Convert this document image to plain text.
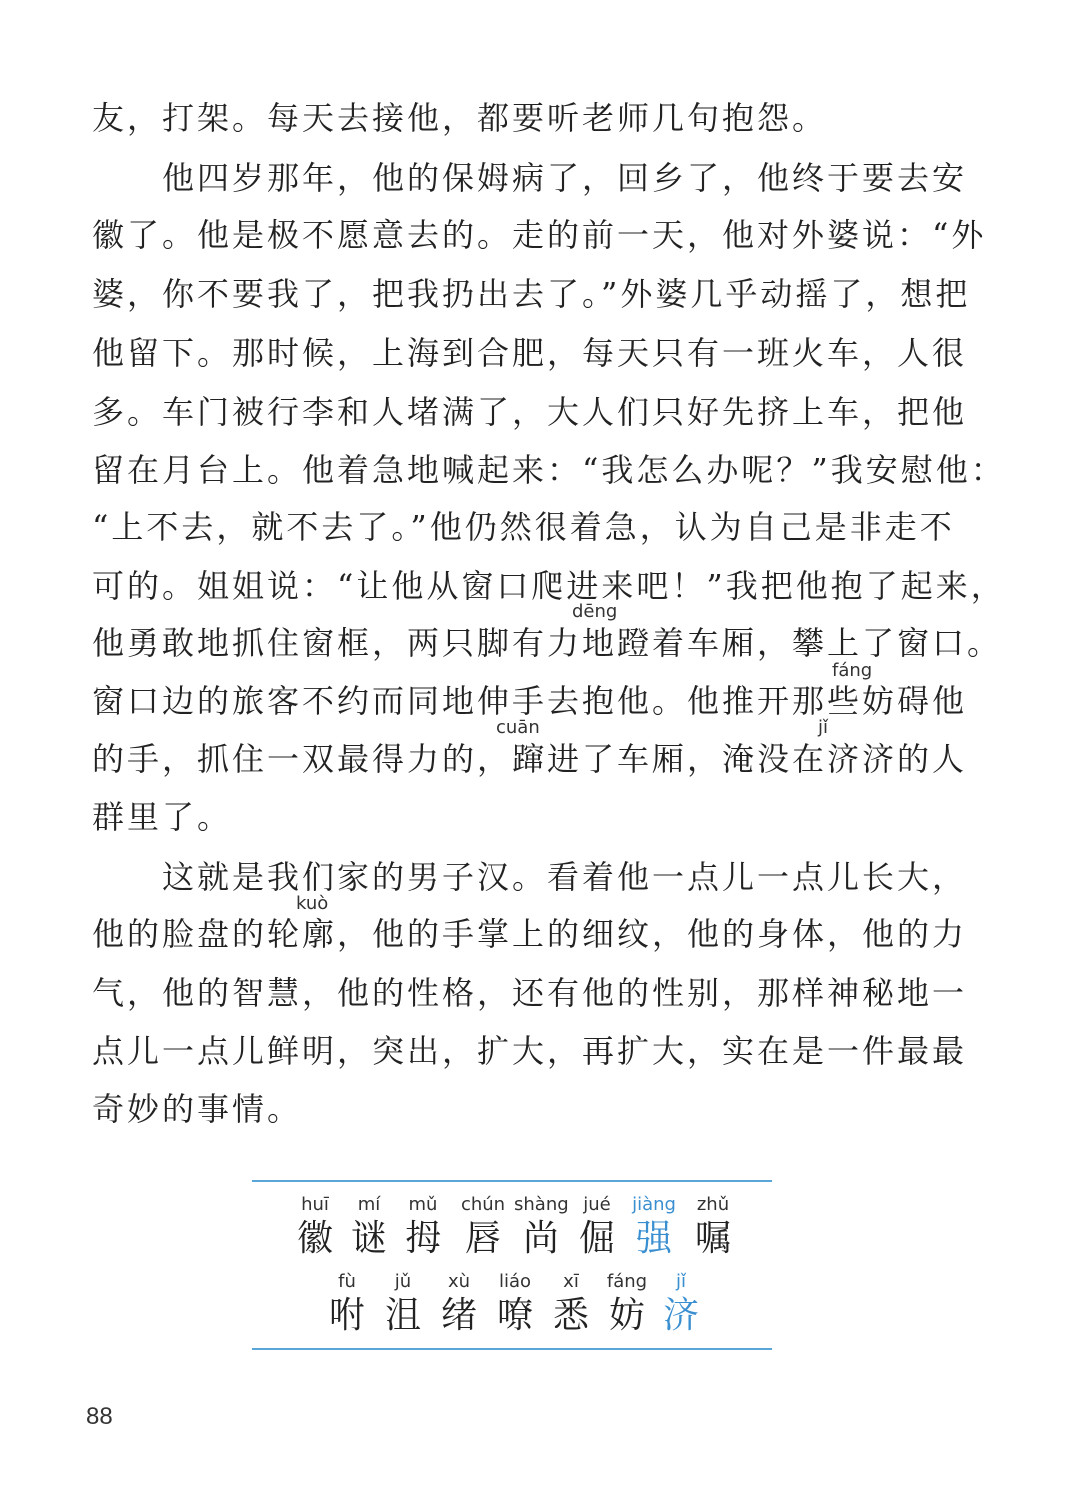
友，打架。每天去接他，都要听老师几句抱怨。
　　他四岁那年，他的保姆病了，回乡了，他终于要去安
徽了。他是极不愿意去的。走的前一天，他对外婆说：“外
婆，你不要我了，把我扔出去了。”外婆几乎动摇了，想把
他留下。那时候，上海到合肥，每天只有一班火车，人很
多。车门被行李和人堵满了，大人们只好先挤上车，把他
留在月台上。他着急地喊起来：“我怎么办呢？”我安慰他：
“上不去，就不去了。”他仍然很着急，认为自己是非走不
可的。姐姐说：“让他从窗口爬进来吧！”我把他抱了起来，
他勇敢地抓住窗框，两只脚有力地蹬着车厢，攀上了窗口。
窗口边的旅客不约而同地伸手去抱他。他推开那些妨碍他
的手，抓住一双最得力的，蹿进了车厢，淹没在济济的人
群里了。
　　这就是我们家的男子汉。看着他一点儿一点儿长大，
他的脸盘的轮廓，他的手掌上的细纹，他的身体，他的力
气，他的智慧，他的性格，还有他的性别，那样神秘地一
点儿一点儿鲜明，突出，扩大，再扩大，实在是一件最最
奇妙的事情。
dēng
fáng
cuān	jǐ
kuò
huī
徽
mí
谜
mǔ
拇
chún
唇
shàng
尚
jué
倔
jiàng
强
zhǔ
嘱
fù
咐
jǔ
沮
xù
绪
liáo
嘹
xī
悉
fáng
妨
jǐ
济
88
